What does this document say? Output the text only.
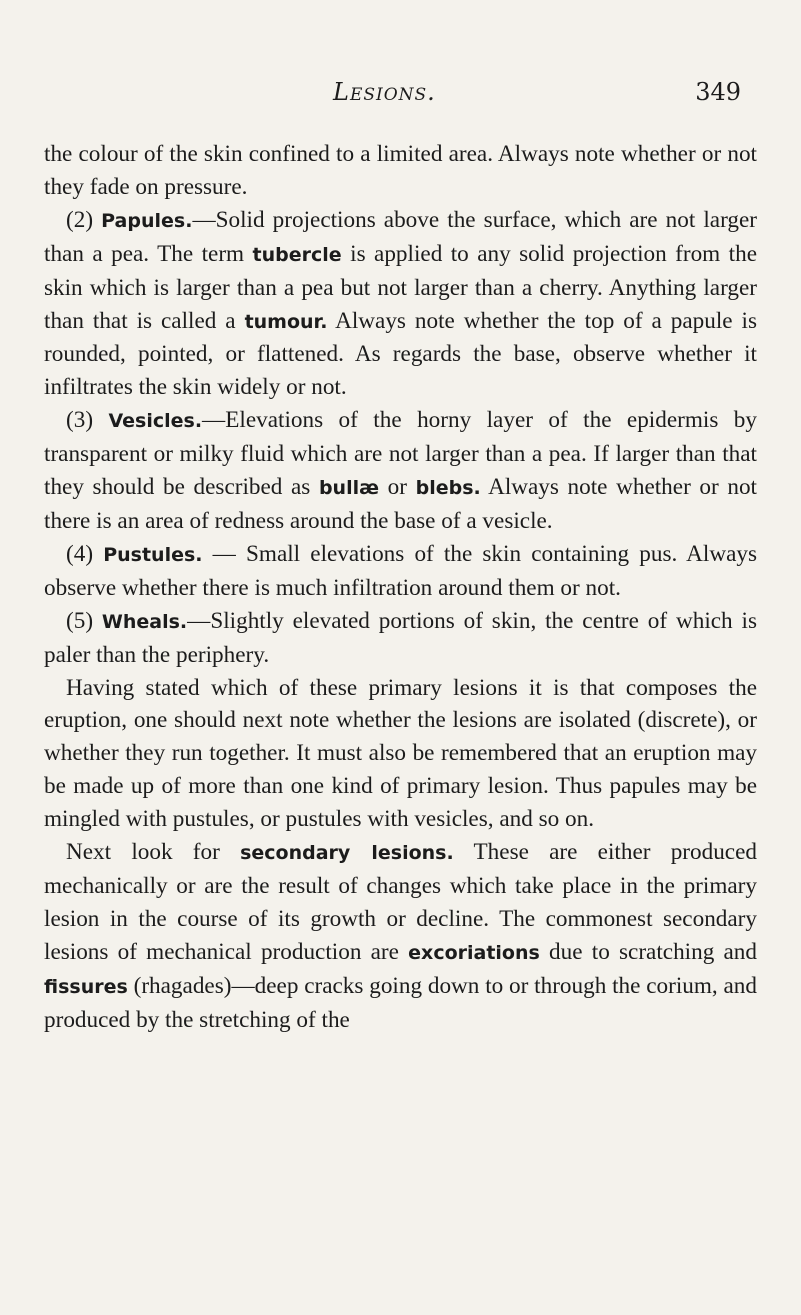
Lesions.	349

the colour of the skin confined to a limited area. Always note whether or not they fade on pressure.

(2) Papules.—Solid projections above the surface, which are not larger than a pea. The term tubercle is applied to any solid projection from the skin which is larger than a pea but not larger than a cherry. Anything larger than that is called a tumour. Always note whether the top of a papule is rounded, pointed, or flattened. As regards the base, observe whether it infiltrates the skin widely or not.

(3) Vesicles.—Elevations of the horny layer of the epidermis by transparent or milky fluid which are not larger than a pea. If larger than that they should be described as bullæ or blebs. Always note whether or not there is an area of redness around the base of a vesicle.

(4) Pustules. — Small elevations of the skin containing pus. Always observe whether there is much infiltration around them or not.

(5) Wheals.—Slightly elevated portions of skin, the centre of which is paler than the periphery.

Having stated which of these primary lesions it is that composes the eruption, one should next note whether the lesions are isolated (discrete), or whether they run together. It must also be remembered that an eruption may be made up of more than one kind of primary lesion. Thus papules may be mingled with pustules, or pustules with vesicles, and so on.

Next look for secondary lesions. These are either produced mechanically or are the result of changes which take place in the primary lesion in the course of its growth or decline. The commonest secondary lesions of mechanical production are excoriations due to scratching and fissures (rhagades)—deep cracks going down to or through the corium, and produced by the stretching of the
